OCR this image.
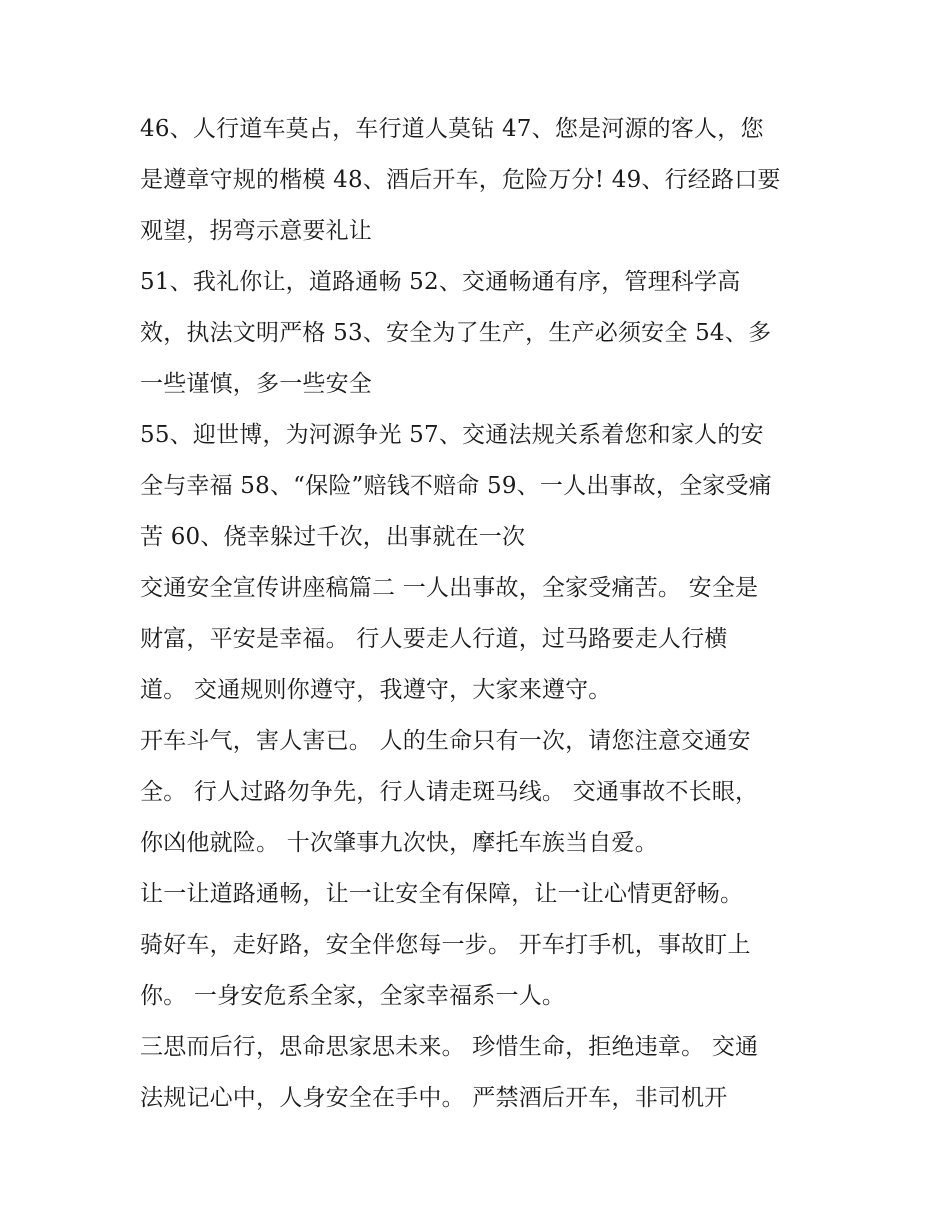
46、人行道车莫占，车行道人莫钻 47、您是河源的客人，您
是遵章守规的楷模 48、酒后开车，危险万分! 49、行经路口要
观望，拐弯示意要礼让

51、我礼你让，道路通畅 52、交通畅通有序，管理科学高
效，执法文明严格 53、安全为了生产，生产必须安全 54、多
一些谨慎，多一些安全

55、迎世博，为河源争光 57、交通法规关系着您和家人的安
全与幸福 58、“保险”赔钱不赔命 59、一人出事故，全家受痛
苦 60、侥幸躲过千次，出事就在一次

交通安全宣传讲座稿篇二 一人出事故，全家受痛苦。 安全是
财富，平安是幸福。 行人要走人行道，过马路要走人行横
道。 交通规则你遵守，我遵守，大家来遵守。

开车斗气，害人害已。 人的生命只有一次，请您注意交通安
全。 行人过路勿争先，行人请走斑马线。 交通事故不长眼，
你凶他就险。 十次肇事九次快，摩托车族当自爱。

让一让道路通畅，让一让安全有保障，让一让心情更舒畅。
骑好车，走好路，安全伴您每一步。 开车打手机，事故盯上
你。 一身安危系全家，全家幸福系一人。

三思而后行，思命思家思未来。 珍惜生命，拒绝违章。 交通
法规记心中，人身安全在手中。 严禁酒后开车，非司机开
